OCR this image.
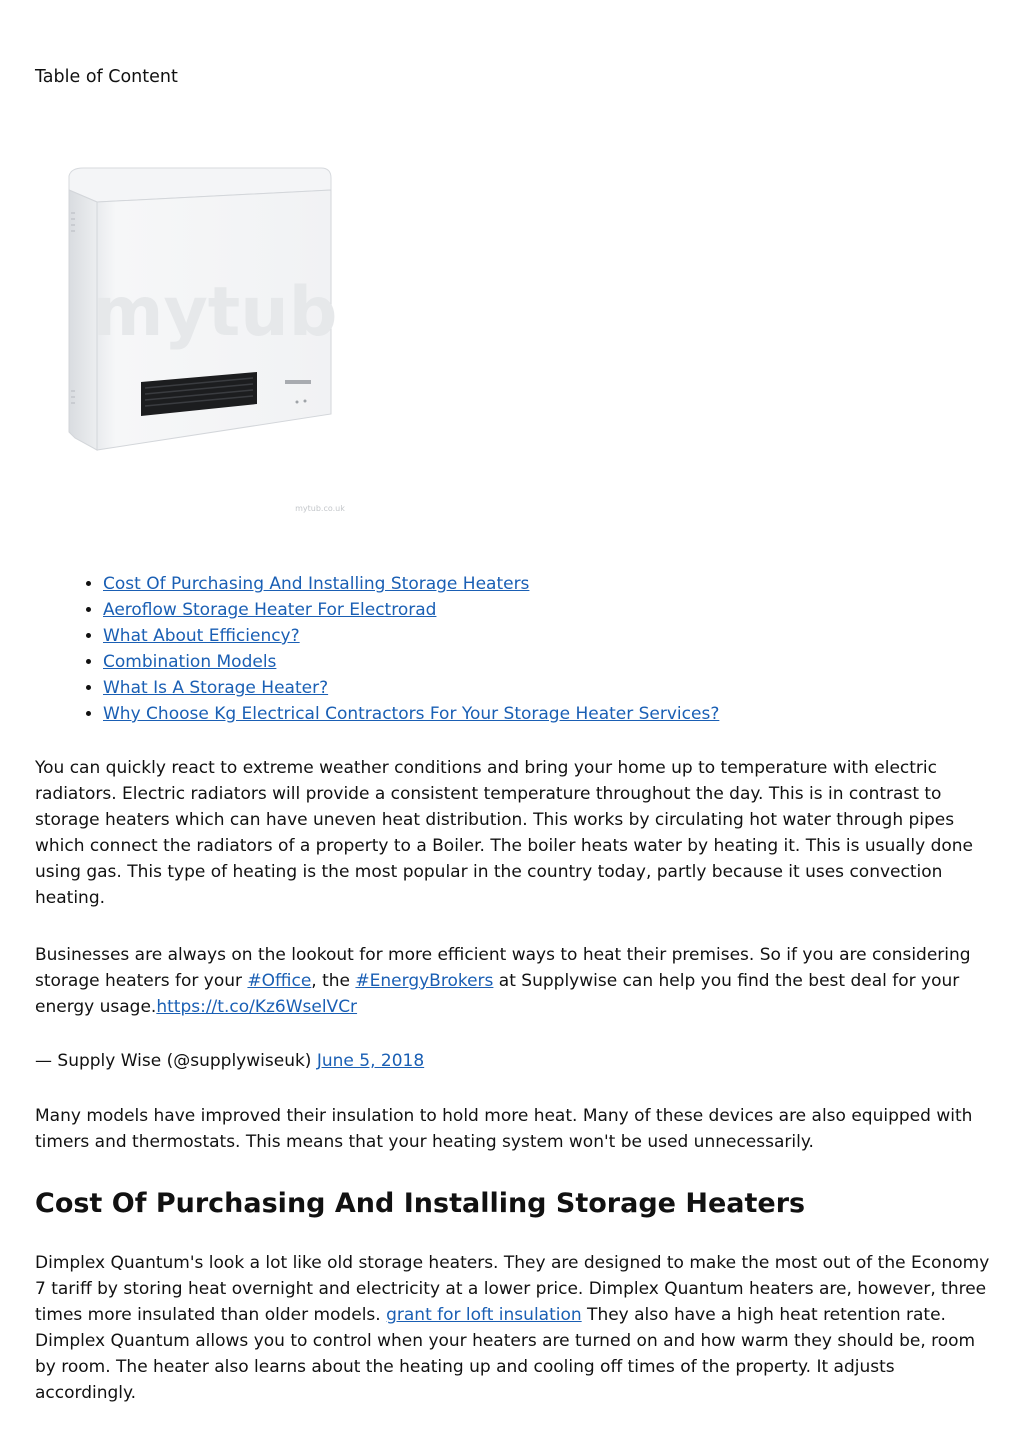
Table of Content

mytub
mytub.co.uk
• Cost Of Purchasing And Installing Storage Heaters
• Aeroflow Storage Heater For Electrorad
• What About Efficiency?
• Combination Models
• What Is A Storage Heater?
• Why Choose Kg Electrical Contractors For Your Storage Heater Services?

You can quickly react to extreme weather conditions and bring your home up to temperature with electric radiators. Electric radiators will provide a consistent temperature throughout the day. This is in contrast to storage heaters which can have uneven heat distribution. This works by circulating hot water through pipes which connect the radiators of a property to a Boiler. The boiler heats water by heating it. This is usually done using gas. This type of heating is the most popular in the country today, partly because it uses convection heating.

Businesses are always on the lookout for more efficient ways to heat their premises. So if you are considering storage heaters for your #Office, the #EnergyBrokers at Supplywise can help you find the best deal for your energy usage.https://t.co/Kz6WselVCr

— Supply Wise (@supplywiseuk) June 5, 2018

Many models have improved their insulation to hold more heat. Many of these devices are also equipped with timers and thermostats. This means that your heating system won't be used unnecessarily.

Cost Of Purchasing And Installing Storage Heaters

Dimplex Quantum's look a lot like old storage heaters. They are designed to make the most out of the Economy 7 tariff by storing heat overnight and electricity at a lower price. Dimplex Quantum heaters are, however, three times more insulated than older models. grant for loft insulation They also have a high heat retention rate. Dimplex Quantum allows you to control when your heaters are turned on and how warm they should be, room by room. The heater also learns about the heating up and cooling off times of the property. It adjusts accordingly.
